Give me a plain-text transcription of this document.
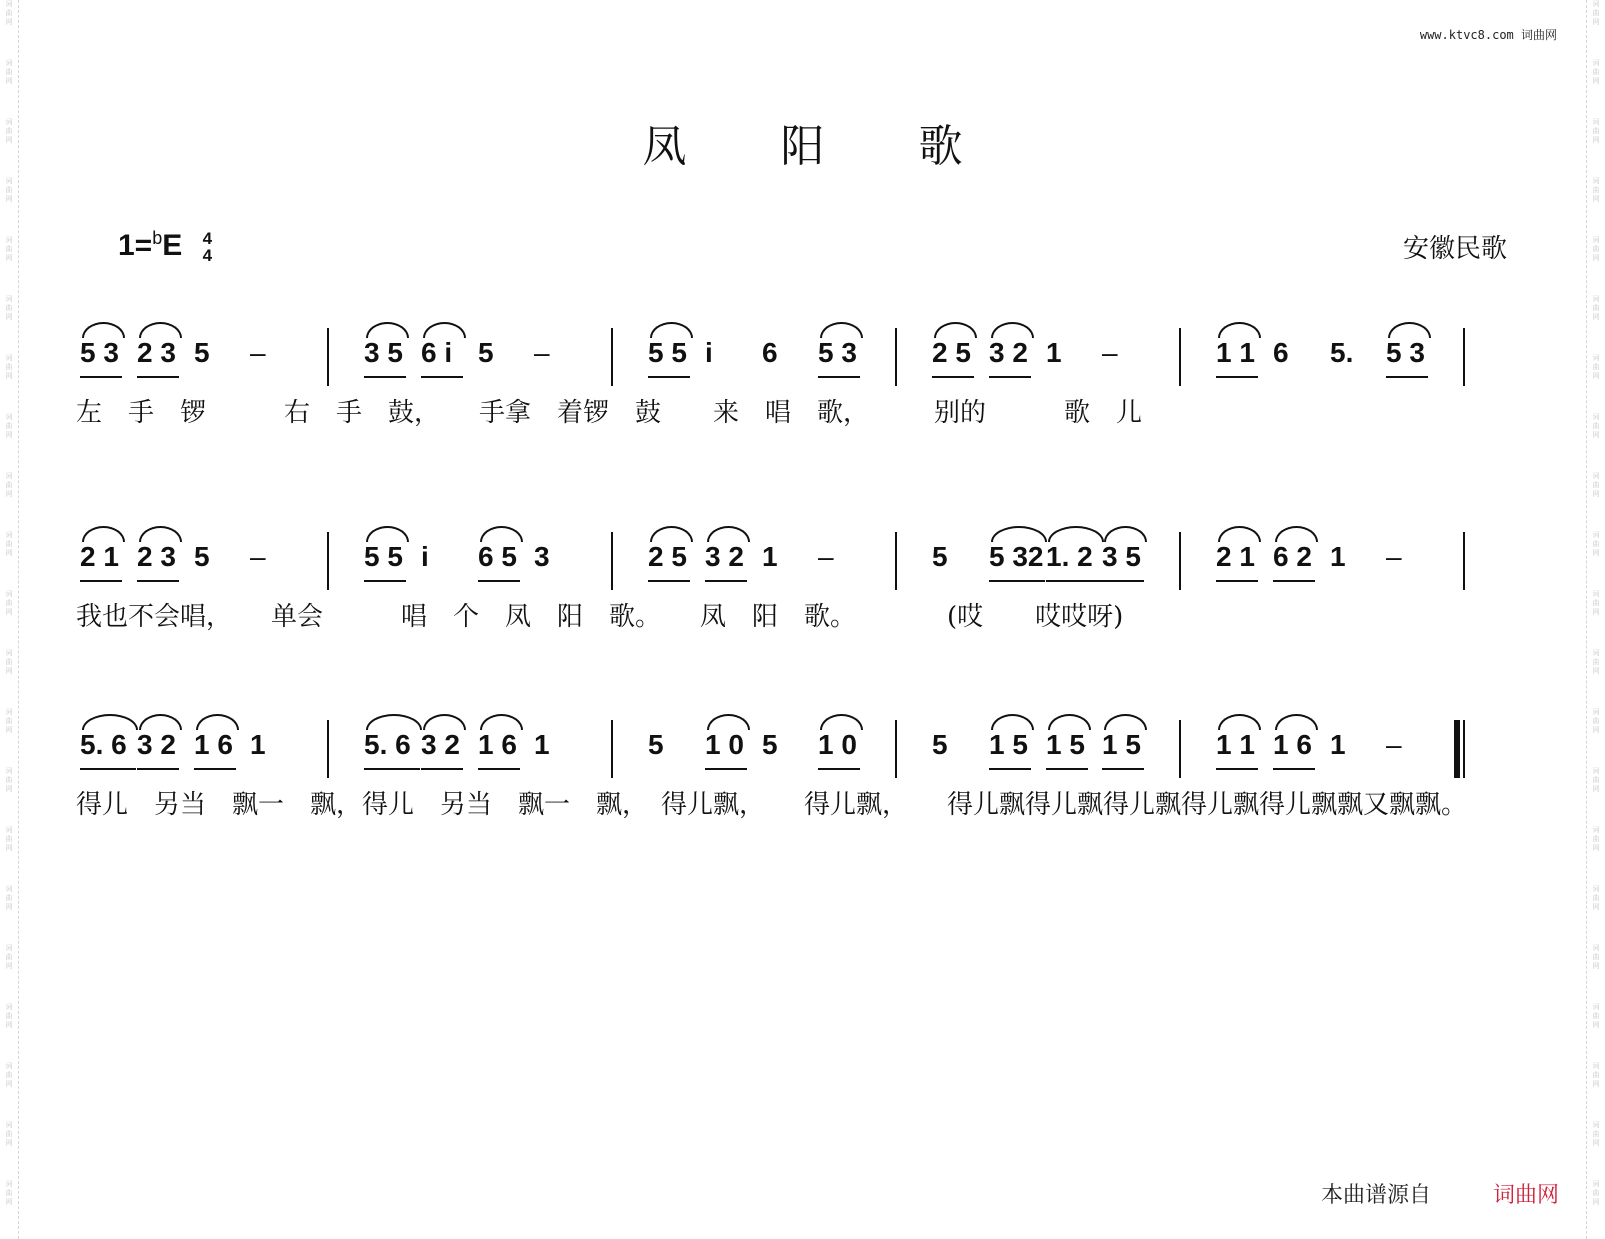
词曲网
词曲网
词曲网
词曲网
词曲网
词曲网
词曲网
词曲网
词曲网
词曲网
词曲网
词曲网
词曲网
词曲网
词曲网
词曲网
词曲网
词曲网
词曲网
词曲网
词曲网
词曲网
词曲网
词曲网
词曲网
词曲网
词曲网
词曲网
词曲网
词曲网
词曲网
词曲网
词曲网
词曲网
词曲网
词曲网
词曲网
词曲网
词曲网
词曲网
词曲网
词曲网
www.ktvc8.com 词曲网
凤 阳 歌
1=$^b$E 4
4	安徽民歌
5 3 2 3 5 –	3 5 6 i 5 –	5 5 i 6 5 3	2 5 3 2 1 –	1 1 6 5. 5 3
左　手　锣　　　右　手　鼓，　　手拿　着锣　鼓　　来　唱　歌，　　　别的　　　歌　儿
2 1 2 3 5 –	5 5 i 6 5 3	2 5 3 2 1 –	5 5 32 1. 2 3 5	2 1 6 2 1 –
我也不会唱，　　单会　　　唱　个　凤　阳　歌。　　凤　阳　歌。　　　　(哎　　哎哎呀)
5. 6 3 2 1 6 1	5. 6 3 2 1 6 1	5 1 0 5 1 0	5 1 5 1 5 1 5	1 1 1 6 1 –
得儿　另当　飘一　飘，得儿　另当　飘一　飘，　得儿飘，　　得儿飘，　　得儿飘得儿飘得儿飘得儿飘得儿飘飘又飘飘。
本曲谱源自	词曲网
